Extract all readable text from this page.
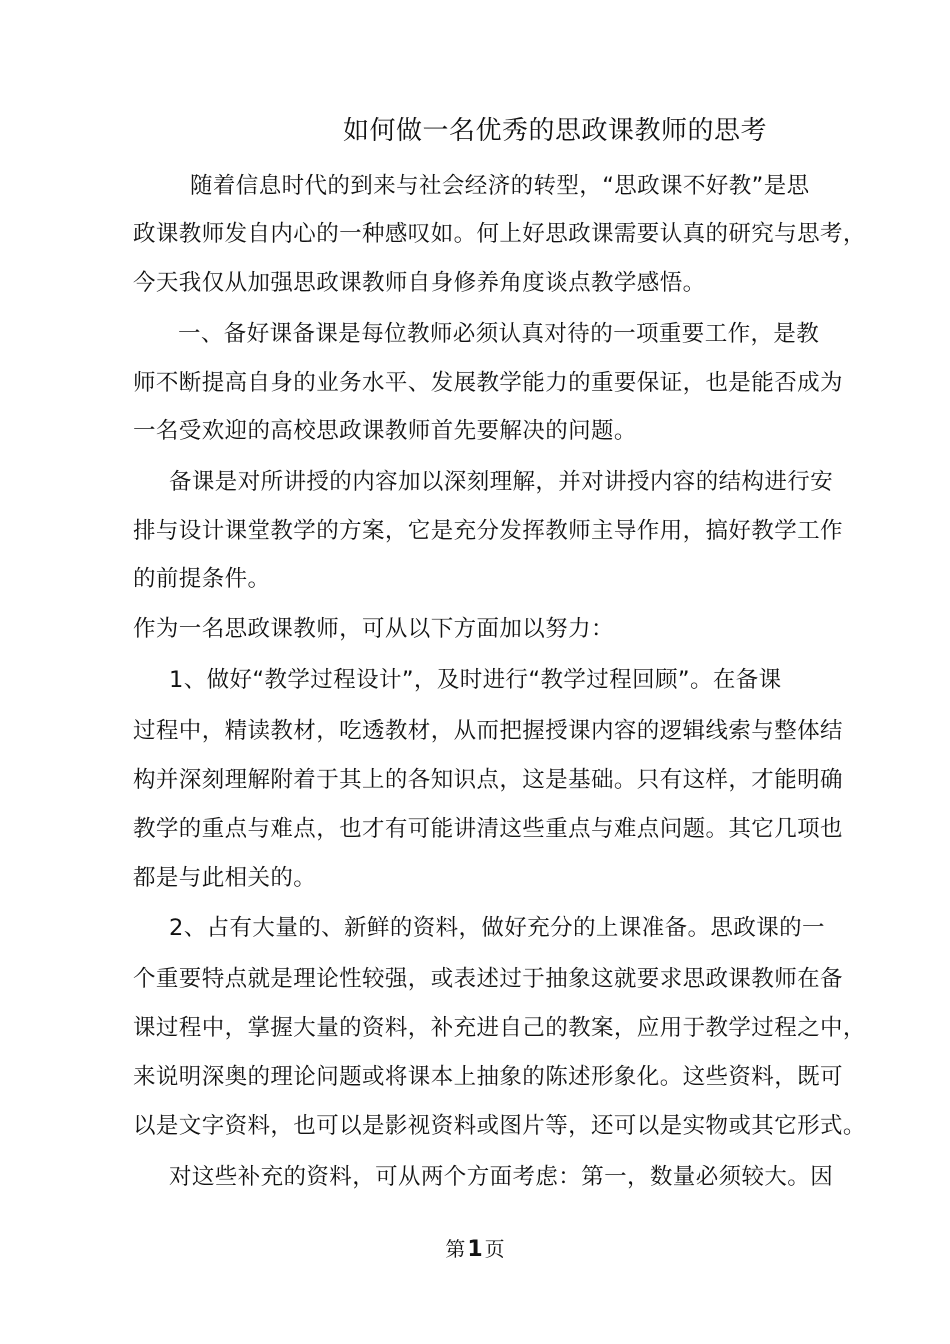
如何做一名优秀的思政课教师的思考
随着信息时代的到来与社会经济的转型，“思政课不好教”是思
政课教师发自内心的一种感叹如。何上好思政课需要认真的研究与思考，
今天我仅从加强思政课教师自身修养角度谈点教学感悟。
一、备好课备课是每位教师必须认真对待的一项重要工作，是教
师不断提高自身的业务水平、发展教学能力的重要保证，也是能否成为
一名受欢迎的高校思政课教师首先要解决的问题。
备课是对所讲授的内容加以深刻理解，并对讲授内容的结构进行安
排与设计课堂教学的方案，它是充分发挥教师主导作用，搞好教学工作
的前提条件。
作为一名思政课教师，可从以下方面加以努力：
1、做好“教学过程设计”，及时进行“教学过程回顾”。在备课
过程中，精读教材，吃透教材，从而把握授课内容的逻辑线索与整体结
构并深刻理解附着于其上的各知识点，这是基础。只有这样，才能明确
教学的重点与难点，也才有可能讲清这些重点与难点问题。其它几项也
都是与此相关的。
2、占有大量的、新鲜的资料，做好充分的上课准备。思政课的一
个重要特点就是理论性较强，或表述过于抽象这就要求思政课教师在备
课过程中，掌握大量的资料，补充进自己的教案，应用于教学过程之中，
来说明深奥的理论问题或将课本上抽象的陈述形象化。这些资料，既可
以是文字资料，也可以是影视资料或图片等，还可以是实物或其它形式。
对这些补充的资料，可从两个方面考虑：第一，数量必须较大。因
第1 页
